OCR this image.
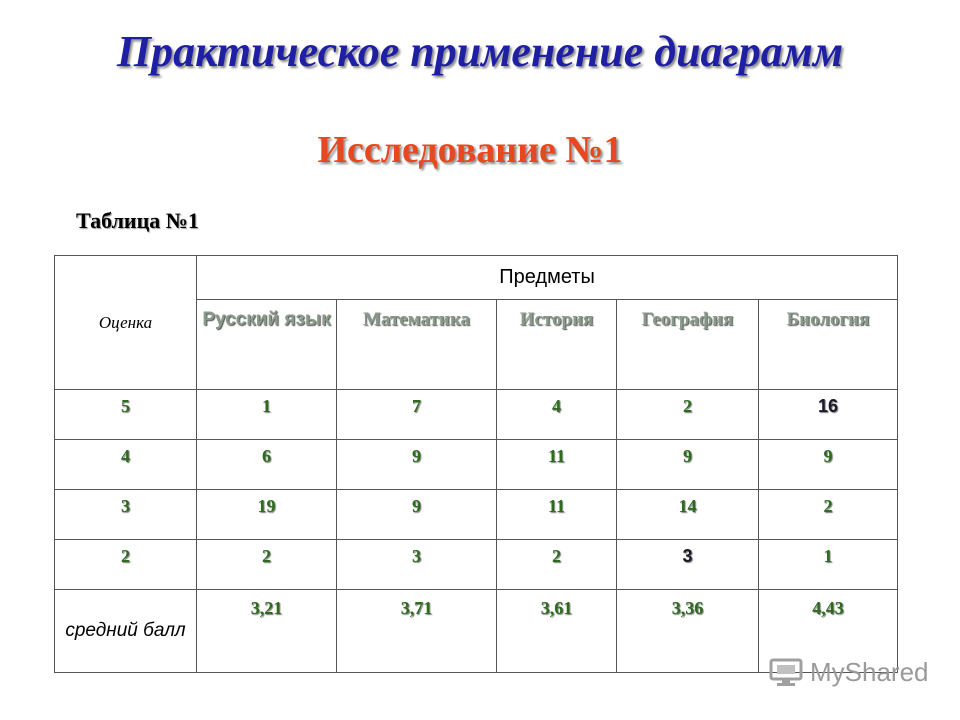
Практическое применение диаграмм
Исследование №1
Таблица №1
Оценка	Предметы				
	Русский язык	Математика	История	География	Биология
5	1	7	4	2	16
4	6	9	11	9	9
3	19	9	11	14	2
2	2	3	2	3	1
средний балл	3,21	3,71	3,61	3,36	4,43
MyShared
